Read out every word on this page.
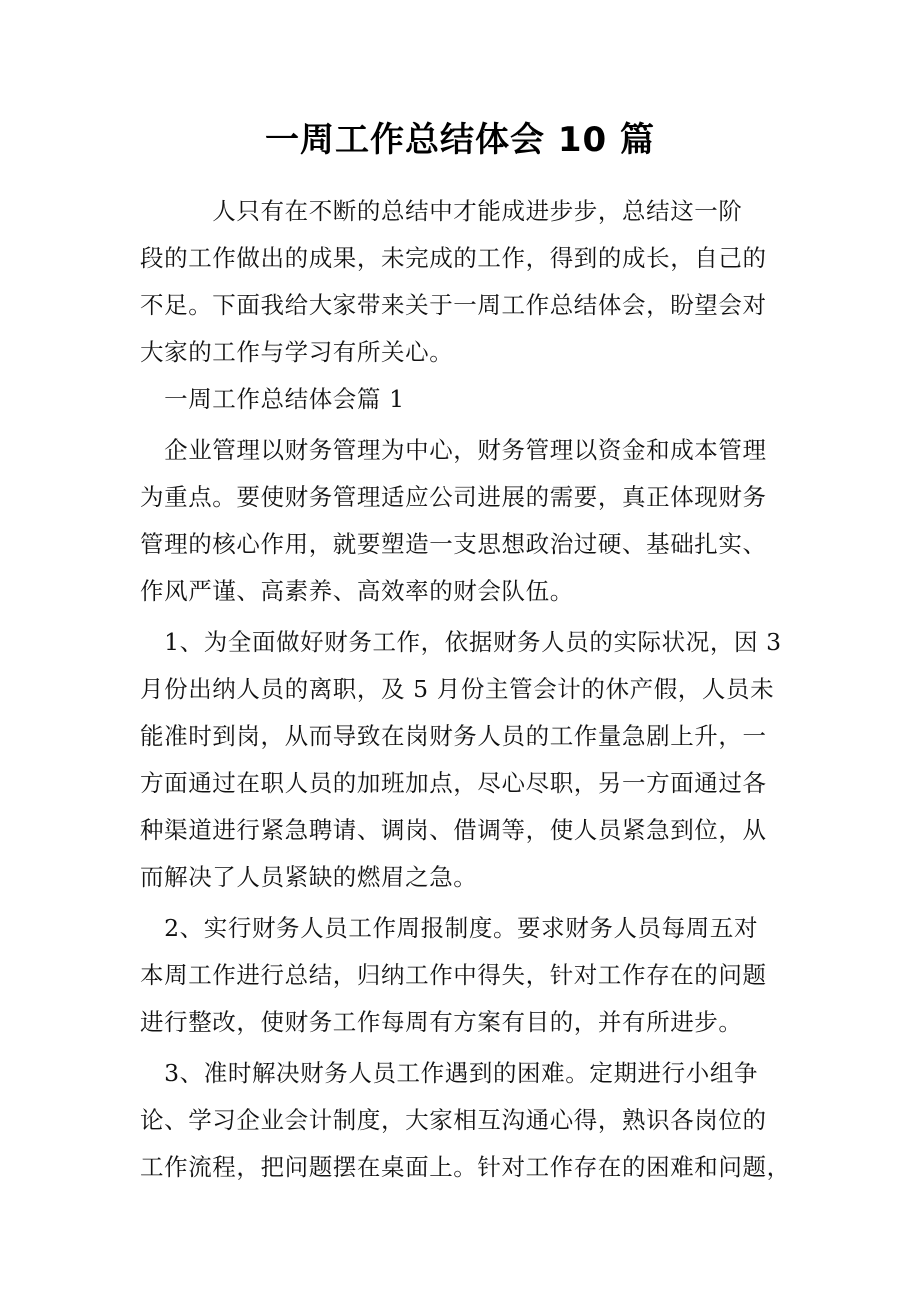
一周工作总结体会 10 篇
　　　人只有在不断的总结中才能成进步步，总结这一阶
段的工作做出的成果，未完成的工作，得到的成长，自己的
不足。下面我给大家带来关于一周工作总结体会，盼望会对
大家的工作与学习有所关心。
　一周工作总结体会篇 1
　企业管理以财务管理为中心，财务管理以资金和成本管理
为重点。要使财务管理适应公司进展的需要，真正体现财务
管理的核心作用，就要塑造一支思想政治过硬、基础扎实、
作风严谨、高素养、高效率的财会队伍。
　1、为全面做好财务工作，依据财务人员的实际状况，因 3
月份出纳人员的离职，及 5 月份主管会计的休产假，人员未
能准时到岗，从而导致在岗财务人员的工作量急剧上升，一
方面通过在职人员的加班加点，尽心尽职，另一方面通过各
种渠道进行紧急聘请、调岗、借调等，使人员紧急到位，从
而解决了人员紧缺的燃眉之急。
　2、实行财务人员工作周报制度。要求财务人员每周五对
本周工作进行总结，归纳工作中得失，针对工作存在的问题
进行整改，使财务工作每周有方案有目的，并有所进步。
　3、准时解决财务人员工作遇到的困难。定期进行小组争
论、学习企业会计制度，大家相互沟通心得，熟识各岗位的
工作流程，把问题摆在桌面上。针对工作存在的困难和问题，
